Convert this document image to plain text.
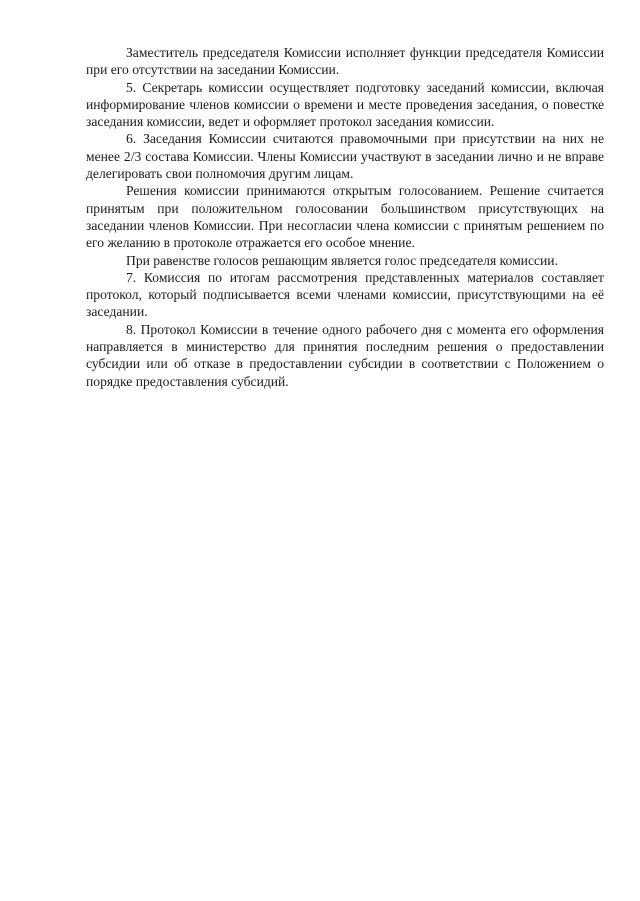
Заместитель председателя Комиссии исполняет функции председателя Комиссии при его отсутствии на заседании Комиссии.

5. Секретарь комиссии осуществляет подготовку заседаний комиссии, включая информирование членов комиссии о времени и месте проведения заседания, о повестке заседания комиссии, ведет и оформляет протокол заседания комиссии.

6. Заседания Комиссии считаются правомочными при присутствии на них не менее 2/3 состава Комиссии. Члены Комиссии участвуют в заседании лично и не вправе делегировать свои полномочия другим лицам.

Решения комиссии принимаются открытым голосованием. Решение считается принятым при положительном голосовании большинством присутствующих на заседании членов Комиссии. При несогласии члена комиссии с принятым решением по его желанию в протоколе отражается его особое мнение.

При равенстве голосов решающим является голос председателя комиссии.

7. Комиссия по итогам рассмотрения представленных материалов составляет протокол, который подписывается всеми членами комиссии, присутствующими на её заседании.

8. Протокол Комиссии в течение одного рабочего дня с момента его оформления направляется в министерство для принятия последним решения о предоставлении субсидии или об отказе в предоставлении субсидии в соответствии с Положением о порядке предоставления субсидий.
